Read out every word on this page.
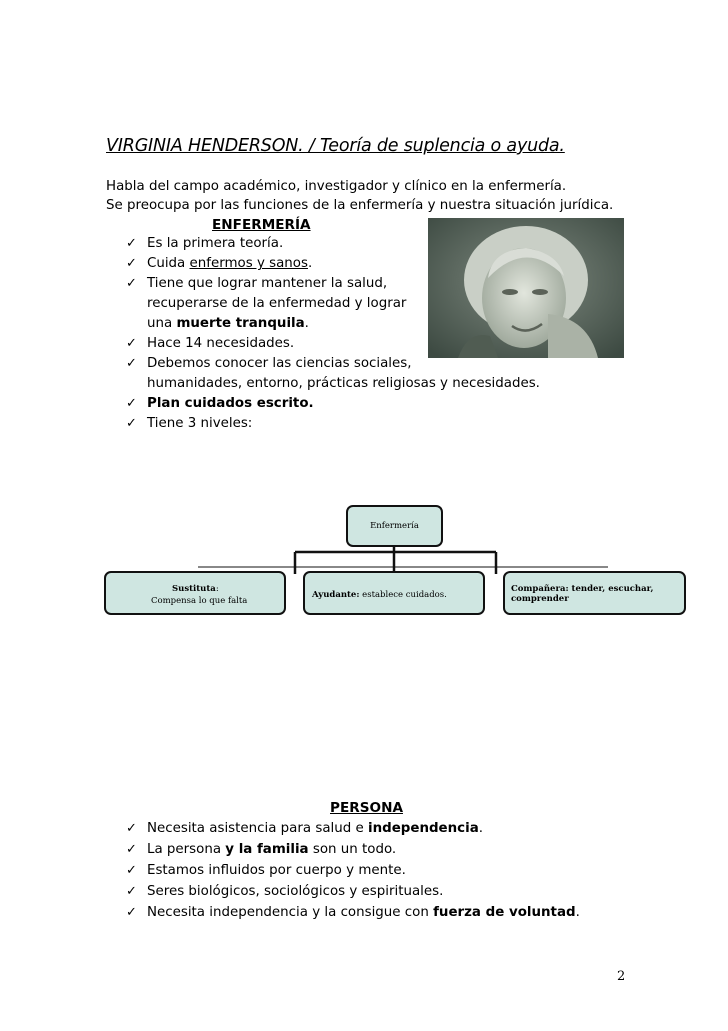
VIRGINIA HENDERSON. / Teoría de suplencia o ayuda.
Habla del campo académico, investigador y clínico en la enfermería.
Se preocupa por las funciones de la enfermería y nuestra situación jurídica.
ENFERMERÍA
✓ Es la primera teoría.
✓ Cuida enfermos y sanos.
✓ Tiene que lograr mantener la salud,
recuperarse de la enfermedad y lograr
una muerte tranquila.
✓ Hace 14 necesidades.
✓ Debemos conocer las ciencias sociales,
humanidades, entorno, prácticas religiosas y necesidades.
✓ Plan cuidados escrito.
✓ Tiene 3 niveles:
Enfermería
Sustituta:
Compensa lo que falta
Ayudante: establece cuidados.
Compañera: tender, escuchar,
comprender
PERSONA
✓ Necesita asistencia para salud e independencia.
✓ La persona y la familia son un todo.
✓ Estamos influidos por cuerpo y mente.
✓ Seres biológicos, sociológicos y espirituales.
✓ Necesita independencia y la consigue con fuerza de voluntad.
2
